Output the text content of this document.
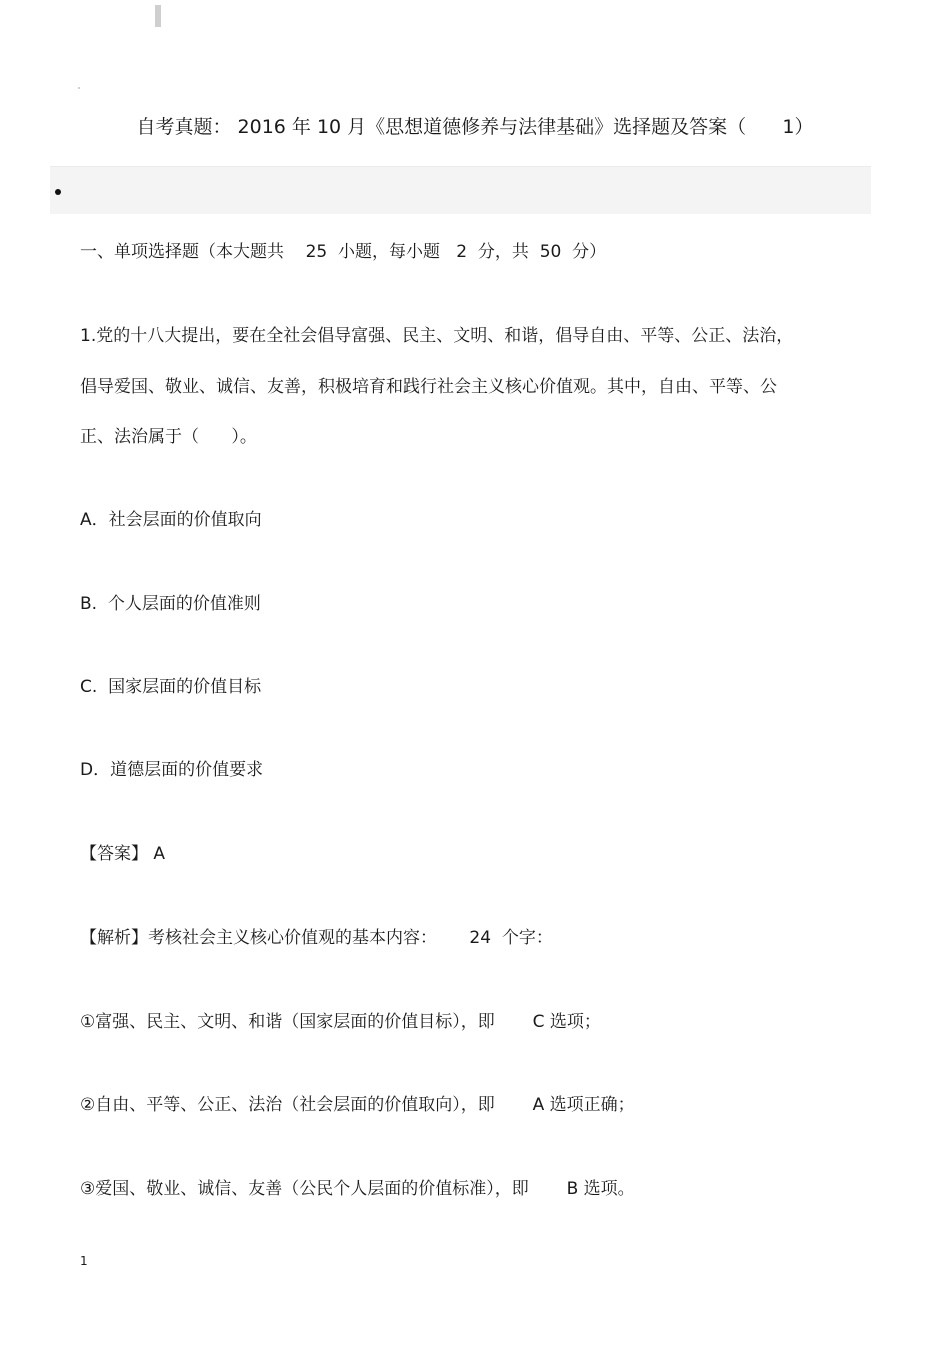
自考真题： 2016 年 10 月《思想道德修养与法律基础》选择题及答案（      1）
一、单项选择题（本大题共    25  小题，每小题   2  分，共  50  分）
1.党的十八大提出，要在全社会倡导富强、民主、文明、和谐，倡导自由、平等、公正、法治，
倡导爱国、敬业、诚信、友善，积极培育和践行社会主义核心价值观。其中，自由、平等、公
正、法治属于（      ）。
A．社会层面的价值取向
B.  个人层面的价值准则
C.  国家层面的价值目标
D．道德层面的价值要求
【答案】 A
【解析】考核社会主义核心价值观的基本内容：      24  个字：
①富强、民主、文明、和谐（国家层面的价值目标），即       C 选项；
②自由、平等、公正、法治（社会层面的价值取向），即       A 选项正确；
③爱国、敬业、诚信、友善（公民个人层面的价值标准），即       B 选项。
1
